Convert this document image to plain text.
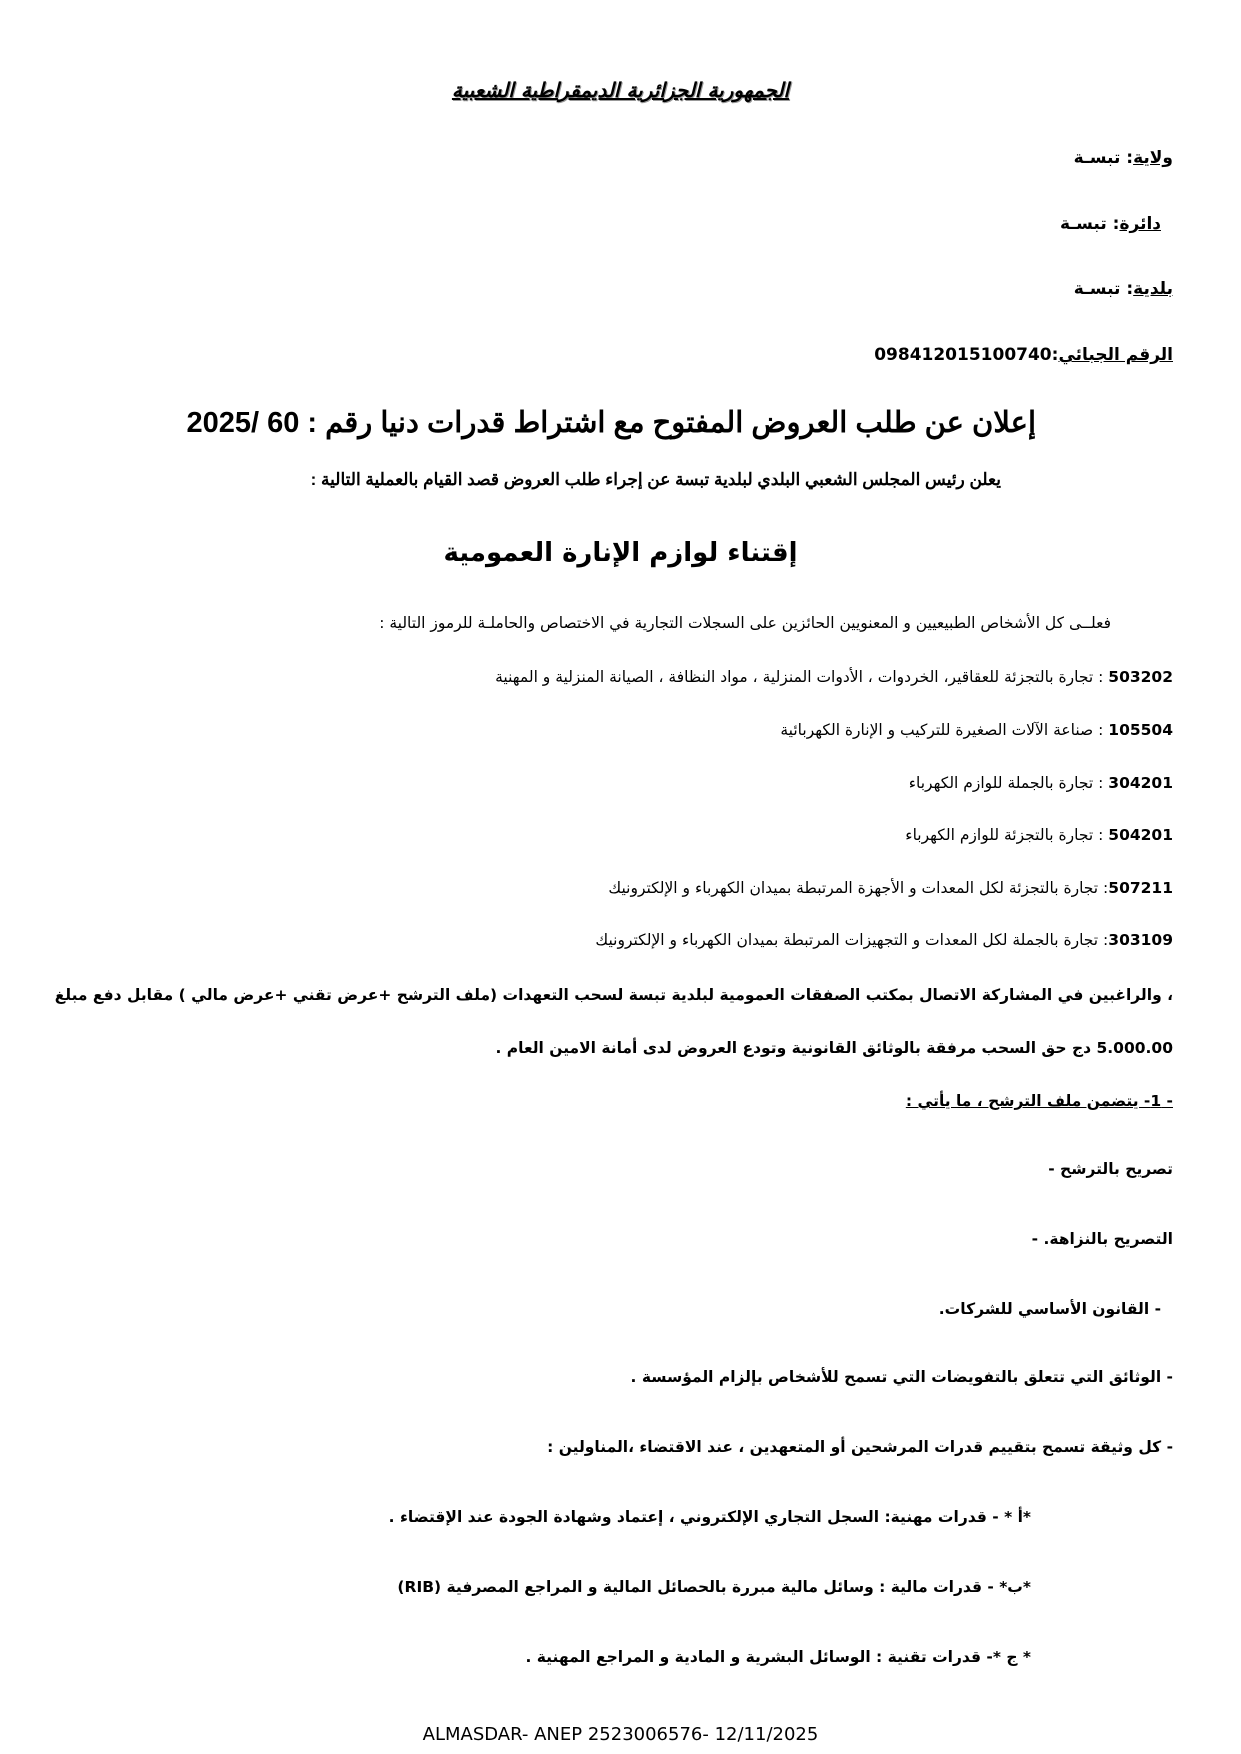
الجمهورية الجزائرية الديمقراطية الشعبية
ولاية: تبسـة
دائرة: تبسـة
بلدية: تبسـة
الرقم الجبائي:098412015100740
إعلان عن طلب العروض المفتوح مع اشتراط قدرات دنيا رقم : 60 /2025
يعلن رئيس المجلس الشعبي البلدي لبلدية تبسة عن إجراء طلب العروض قصد القيام بالعملية التالية :
إقتناء لوازم الإنارة العمومية
فعلــى كل الأشخاص الطبيعيين و المعنويين الحائزين على السجلات التجارية في الاختصاص والحاملـة للرموز التالية :
503202 : تجارة بالتجزئة للعقاقير، الخردوات ، الأدوات المنزلية ، مواد النظافة ، الصيانة المنزلية و المهنية
105504 : صناعة الآلات الصغيرة للتركيب و الإنارة الكهربائية
304201 : تجارة بالجملة للوازم الكهرباء
504201 : تجارة بالتجزئة للوازم الكهرباء
507211: تجارة بالتجزئة لكل المعدات و الأجهزة المرتبطة بميدان الكهرباء و الإلكترونيك
303109: تجارة بالجملة لكل المعدات و التجهيزات المرتبطة بميدان الكهرباء و الإلكترونيك
، والراغبين في المشاركة الاتصال بمكتب الصفقات العمومية لبلدية تبسة لسحب التعهدات (ملف الترشح +عرض تقني +عرض مالي ) مقابل دفع مبلغ
5.000.00 دج حق السحب مرفقة بالوثائق القانونية وتودع العروض لدى أمانة الامين العام .
- 1- يتضمن ملف الترشح ، ما يأتي :
تصريح بالترشح -
التصريح بالنزاهة. -
- القانون الأساسي للشركات.
- الوثائق التي تتعلق بالتفويضات التي تسمح للأشخاص بإلزام المؤسسة .
- كل وثيقة تسمح بتقييم قدرات المرشحين أو المتعهدين ، عند الاقتضاء ،المناولين :
*أ * - قدرات مهنية: السجل التجاري الإلكتروني ، إعتماد وشهادة الجودة عند الإقتضاء .
*ب* - قدرات مالية : وسائل مالية مبررة بالحصائل المالية و المراجع المصرفية (RIB)
* ج *- قدرات تقنية : الوسائل البشرية و المادية و المراجع المهنية .
ALMASDAR- ANEP 2523006576- 12/11/2025
